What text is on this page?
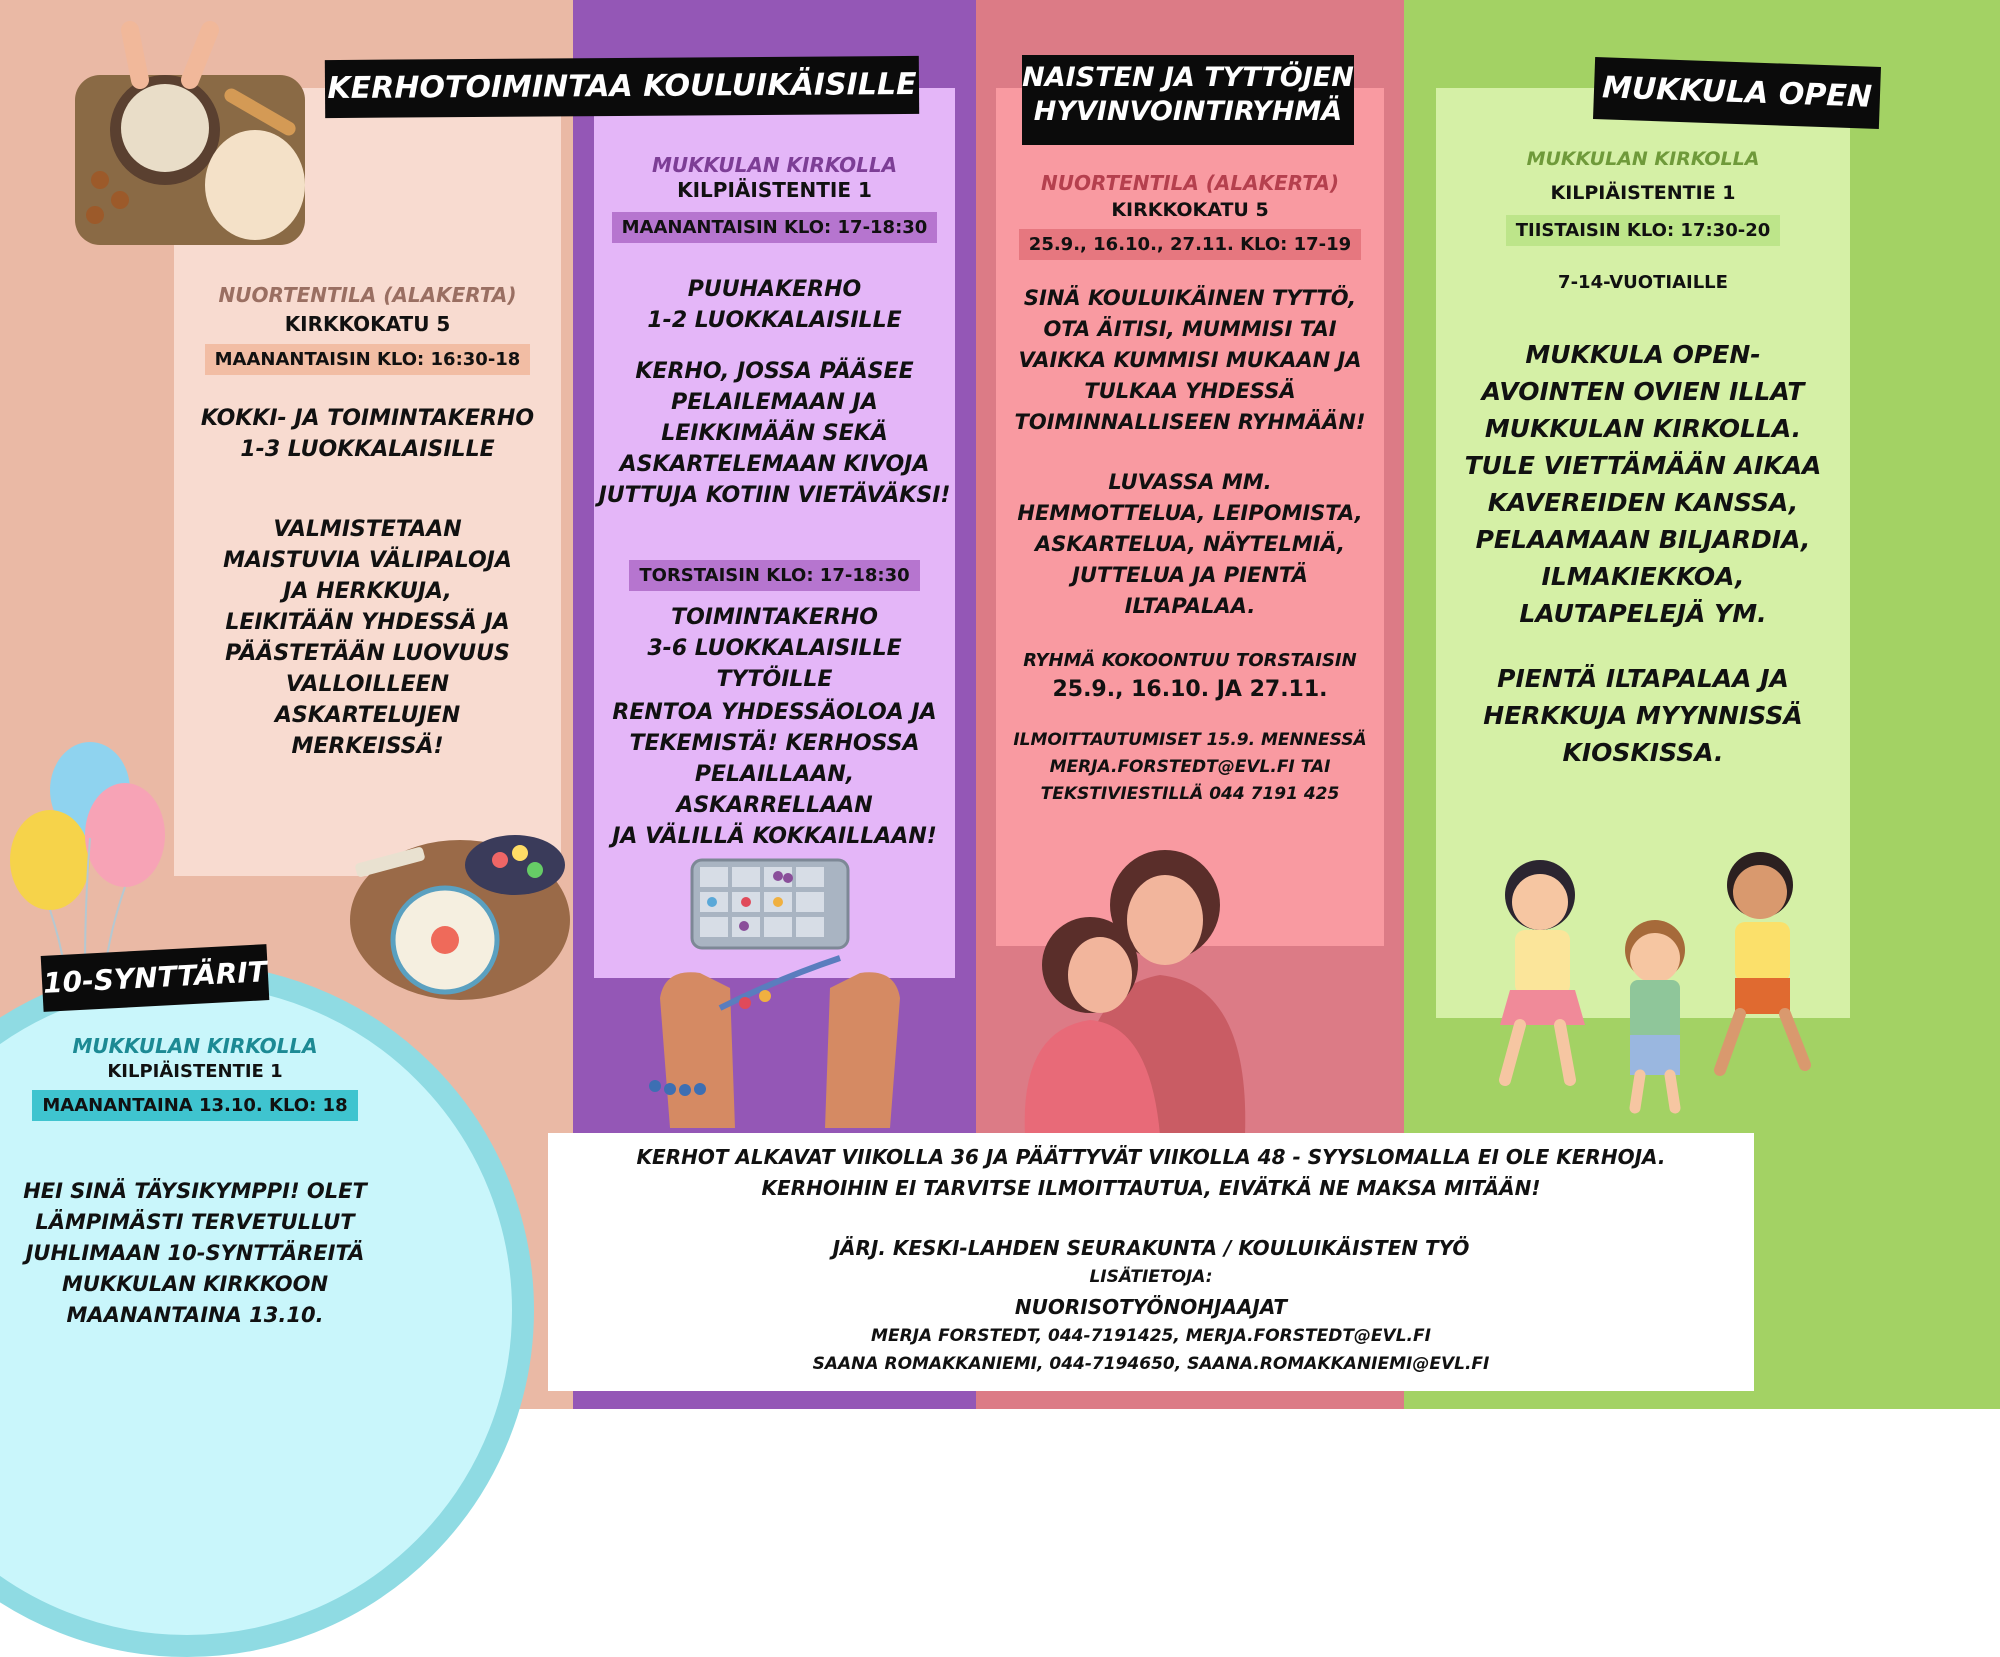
KERHOTOIMINTAA KOULUIKÄISILLE	NAISTEN JA TYTTÖJEN
HYVINVOINTIRYHMÄ	MUKKULA OPEN
NUORTENTILA (ALAKERTA)
KIRKKOKATU 5
MAANANTAISIN KLO: 16:30-18
KOKKI- JA TOIMINTAKERHO
1-3 LUOKKALAISILLE
VALMISTETAAN
MAISTUVIA VÄLIPALOJA
JA HERKKUJA,
LEIKITÄÄN YHDESSÄ JA
PÄÄSTETÄÄN LUOVUUS
VALLOILLEEN
ASKARTELUJEN
MERKEISSÄ!
MUKKULAN KIRKOLLA
KILPIÄISTENTIE 1
MAANANTAISIN KLO: 17-18:30
PUUHAKERHO
1-2 LUOKKALAISILLE
KERHO, JOSSA PÄÄSEE
PELAILEMAAN JA
LEIKKIMÄÄN SEKÄ
ASKARTELEMAAN KIVOJA
JUTTUJA KOTIIN VIETÄVÄKSI!
TORSTAISIN KLO: 17-18:30
TOIMINTAKERHO
3-6 LUOKKALAISILLE TYTÖILLE
RENTOA YHDESSÄOLOA JA
TEKEMISTÄ! KERHOSSA
PELAILLAAN, ASKARRELLAAN
JA VÄLILLÄ KOKKAILLAAN!
NUORTENTILA (ALAKERTA)
KIRKKOKATU 5
25.9., 16.10., 27.11. KLO: 17-19
SINÄ KOULUIKÄINEN TYTTÖ,
OTA ÄITISI, MUMMISI TAI
VAIKKA KUMMISI MUKAAN JA
TULKAA YHDESSÄ
TOIMINNALLISEEN RYHMÄÄN!
LUVASSA MM.
HEMMOTTELUA, LEIPOMISTA,
ASKARTELUA, NÄYTELMIÄ,
JUTTELUA JA PIENTÄ
ILTAPALAA.
RYHMÄ KOKOONTUU TORSTAISIN
25.9., 16.10. JA 27.11.
ILMOITTAUTUMISET 15.9. MENNESSÄ
MERJA.FORSTEDT@EVL.FI TAI
TEKSTIVIESTILLÄ 044 7191 425
MUKKULAN KIRKOLLA
KILPIÄISTENTIE 1
TIISTAISIN KLO: 17:30-20
7-14-VUOTIAILLE
MUKKULA OPEN-
AVOINTEN OVIEN ILLAT
MUKKULAN KIRKOLLA.
TULE VIETTÄMÄÄN AIKAA
KAVEREIDEN KANSSA,
PELAAMAAN BILJARDIA,
ILMAKIEKKOA,
LAUTAPELEJÄ YM.
PIENTÄ ILTAPALAA JA
HERKKUJA MYYNNISSÄ
KIOSKISSA.
10-SYNTTÄRIT
MUKKULAN KIRKOLLA
KILPIÄISTENTIE 1
MAANANTAINA 13.10. KLO: 18
HEI SINÄ TÄYSIKYMPPI! OLET
LÄMPIMÄSTI TERVETULLUT
JUHLIMAAN 10-SYNTTÄREITÄ
MUKKULAN KIRKKOON
MAANANTAINA 13.10.
KERHOT ALKAVAT VIIKOLLA 36 JA PÄÄTTYVÄT VIIKOLLA 48 - SYYSLOMALLA EI OLE KERHOJA.
KERHOIHIN EI TARVITSE ILMOITTAUTUA, EIVÄTKÄ NE MAKSA MITÄÄN!
JÄRJ. KESKI-LAHDEN SEURAKUNTA / KOULUIKÄISTEN TYÖ
LISÄTIETOJA:
NUORISOTYÖNOHJAAJAT
MERJA FORSTEDT, 044-7191425, MERJA.FORSTEDT@EVL.FI
SAANA ROMAKKANIEMI, 044-7194650, SAANA.ROMAKKANIEMI@EVL.FI
